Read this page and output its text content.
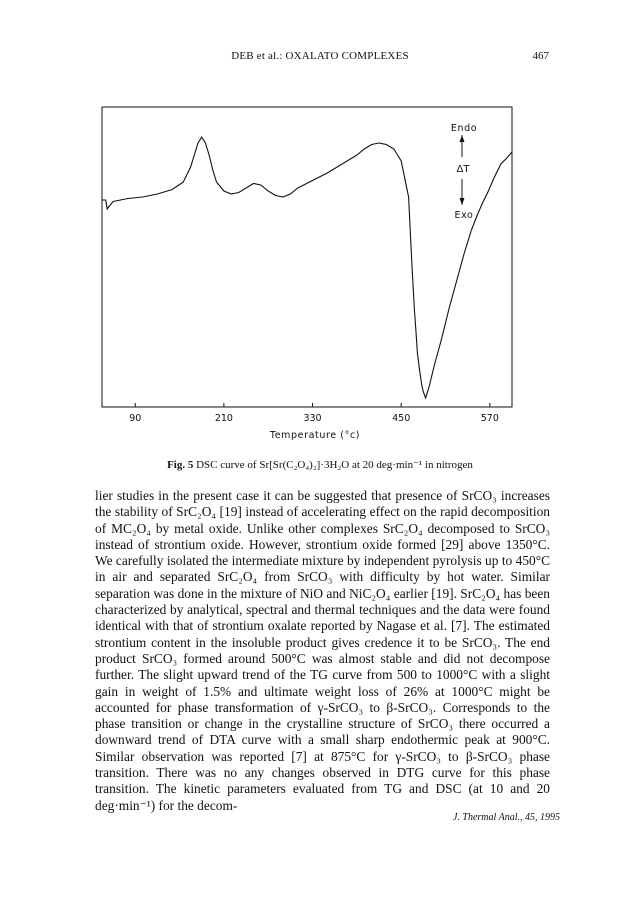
DEB et al.: OXALATO COMPLEXES	467
90	210	330	450	570
Temperature (°c)
Endo
ΔT
Exo
Fig. 5 DSC curve of Sr[Sr(C₂O₄)₂]·3H₂O at 20 deg·min⁻¹ in nitrogen

lier studies in the present case it can be suggested that presence of SrCO₃ increases the stability of SrC₂O₄ [19] instead of accelerating effect on the rapid decomposition of MC₂O₄ by metal oxide. Unlike other complexes SrC₂O₄ decomposed to SrCO₃ instead of strontium oxide. However, strontium oxide formed [29] above 1350°C. We carefully isolated the intermediate mixture by independent pyrolysis up to 450°C in air and separated SrC₂O₄ from SrCO₃ with difficulty by hot water. Similar separation was done in the mixture of NiO and NiC₂O₄ earlier [19]. SrC₂O₄ has been characterized by analytical, spectral and thermal techniques and the data were found identical with that of strontium oxalate reported by Nagase et al. [7]. The estimated strontium content in the insoluble product gives credence it to be SrCO₃. The end product SrCO₃ formed around 500°C was almost stable and did not decompose further. The slight upward trend of the TG curve from 500 to 1000°C with a slight gain in weight of 1.5% and ultimate weight loss of 26% at 1000°C might be accounted for phase transformation of γ-SrCO₃ to β-SrCO₃. Corresponds to the phase transition or change in the crystalline structure of SrCO₃ there occurred a downward trend of DTA curve with a small sharp endothermic peak at 900°C. Similar observation was reported [7] at 875°C for γ-SrCO₃ to β-SrCO₃ phase transition. There was no any changes observed in DTG curve for this phase transition. The kinetic parameters evaluated from TG and DSC (at 10 and 20 deg·min⁻¹) for the decom-

J. Thermal Anal., 45, 1995
